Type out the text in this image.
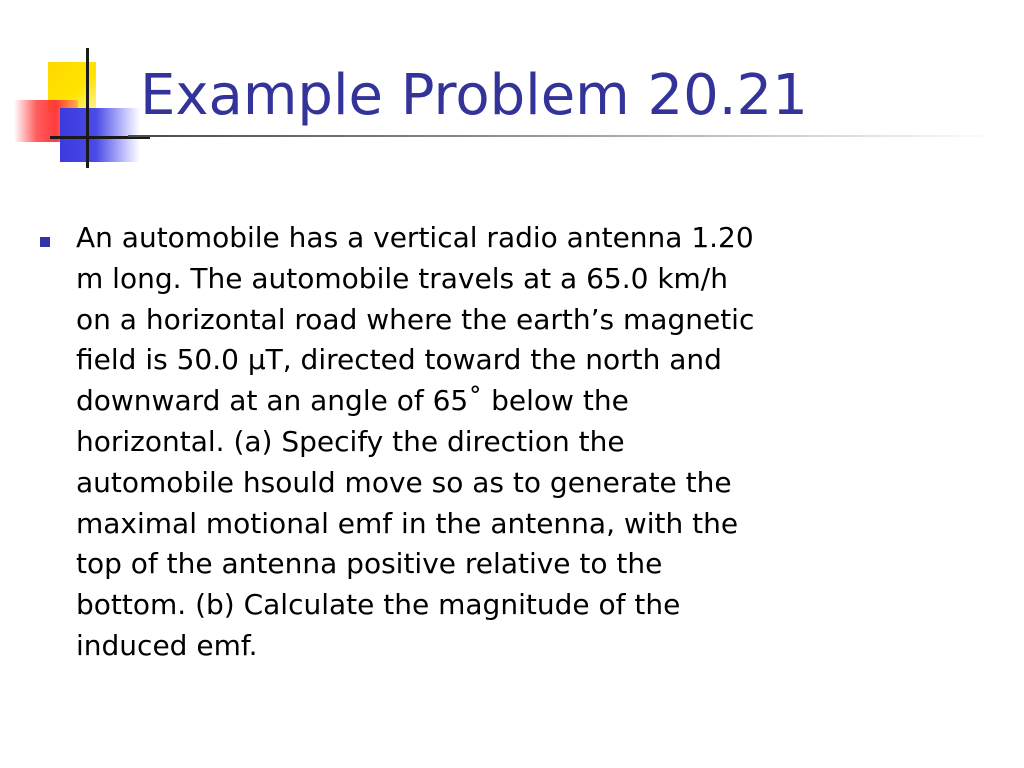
Example Problem 20.21

An automobile has a vertical radio antenna 1.20
m long. The automobile travels at a 65.0 km/h
on a horizontal road where the earth’s magnetic
field is 50.0 μT, directed toward the north and
downward at an angle of 65˚ below the
horizontal. (a) Specify the direction the
automobile hsould move so as to generate the
maximal motional emf in the antenna, with the
top of the antenna positive relative to the
bottom. (b) Calculate the magnitude of the
induced emf.
